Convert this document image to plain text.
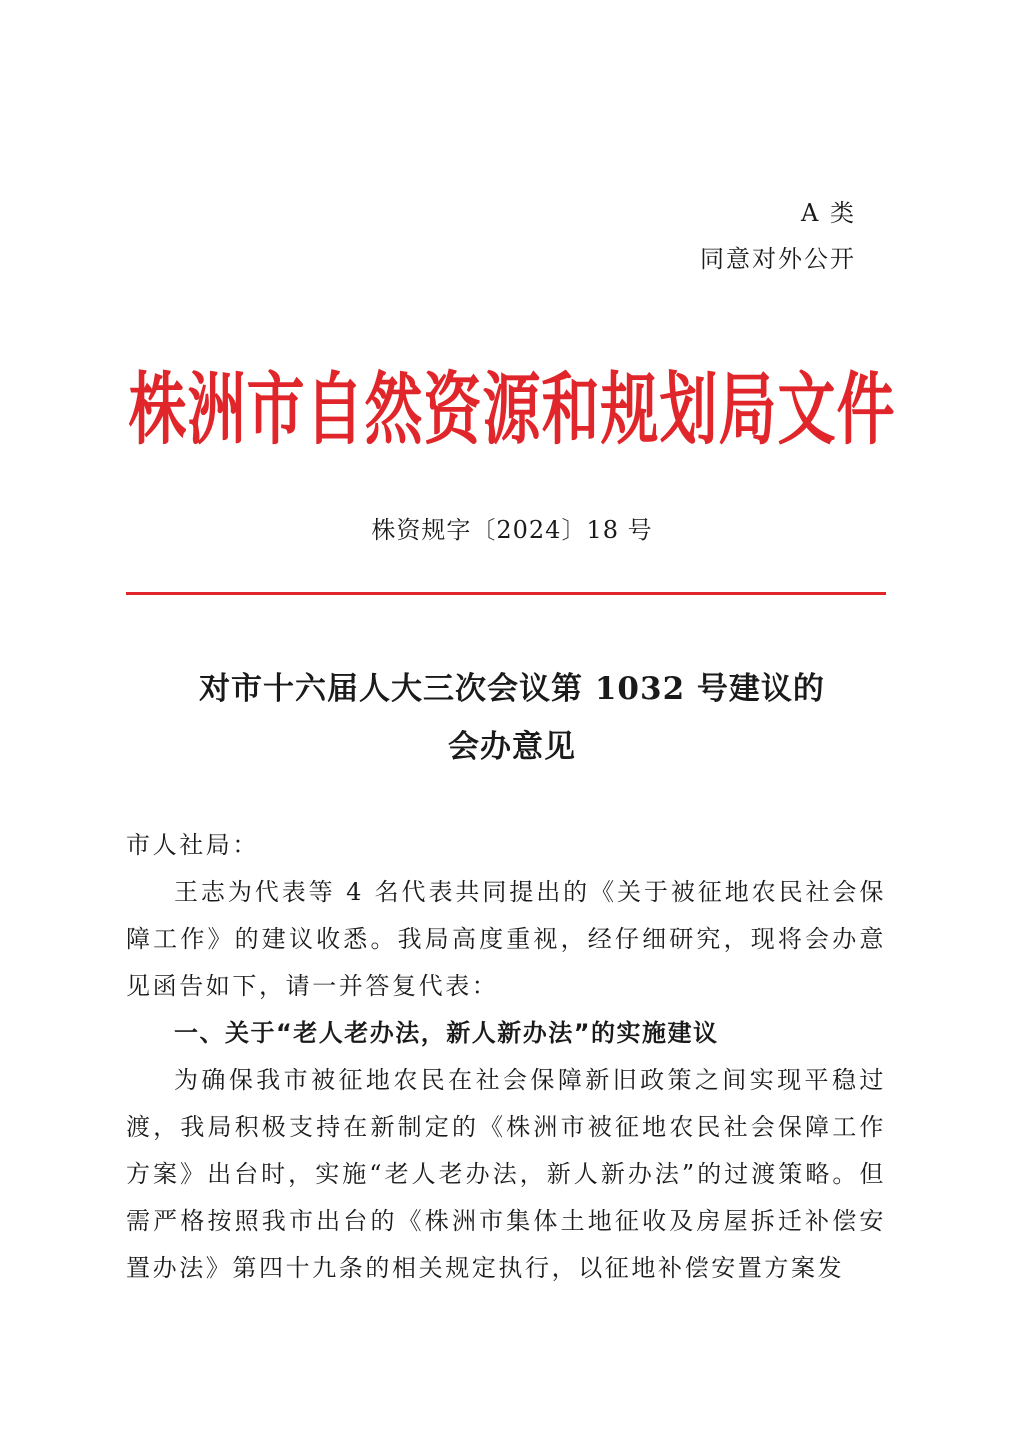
A 类
同意对外公开
株洲市自然资源和规划局文件
株资规字〔2024〕18 号
对市十六届人大三次会议第 1032 号建议的
会办意见

市人社局：

王志为代表等 4 名代表共同提出的《关于被征地农民社会保障工作》的建议收悉。我局高度重视，经仔细研究，现将会办意见函告如下，请一并答复代表：

一、关于“老人老办法，新人新办法”的实施建议

为确保我市被征地农民在社会保障新旧政策之间实现平稳过渡，我局积极支持在新制定的《株洲市被征地农民社会保障工作方案》出台时，实施“老人老办法，新人新办法”的过渡策略。但需严格按照我市出台的《株洲市集体土地征收及房屋拆迁补偿安置办法》第四十九条的相关规定执行，以征地补偿安置方案发
